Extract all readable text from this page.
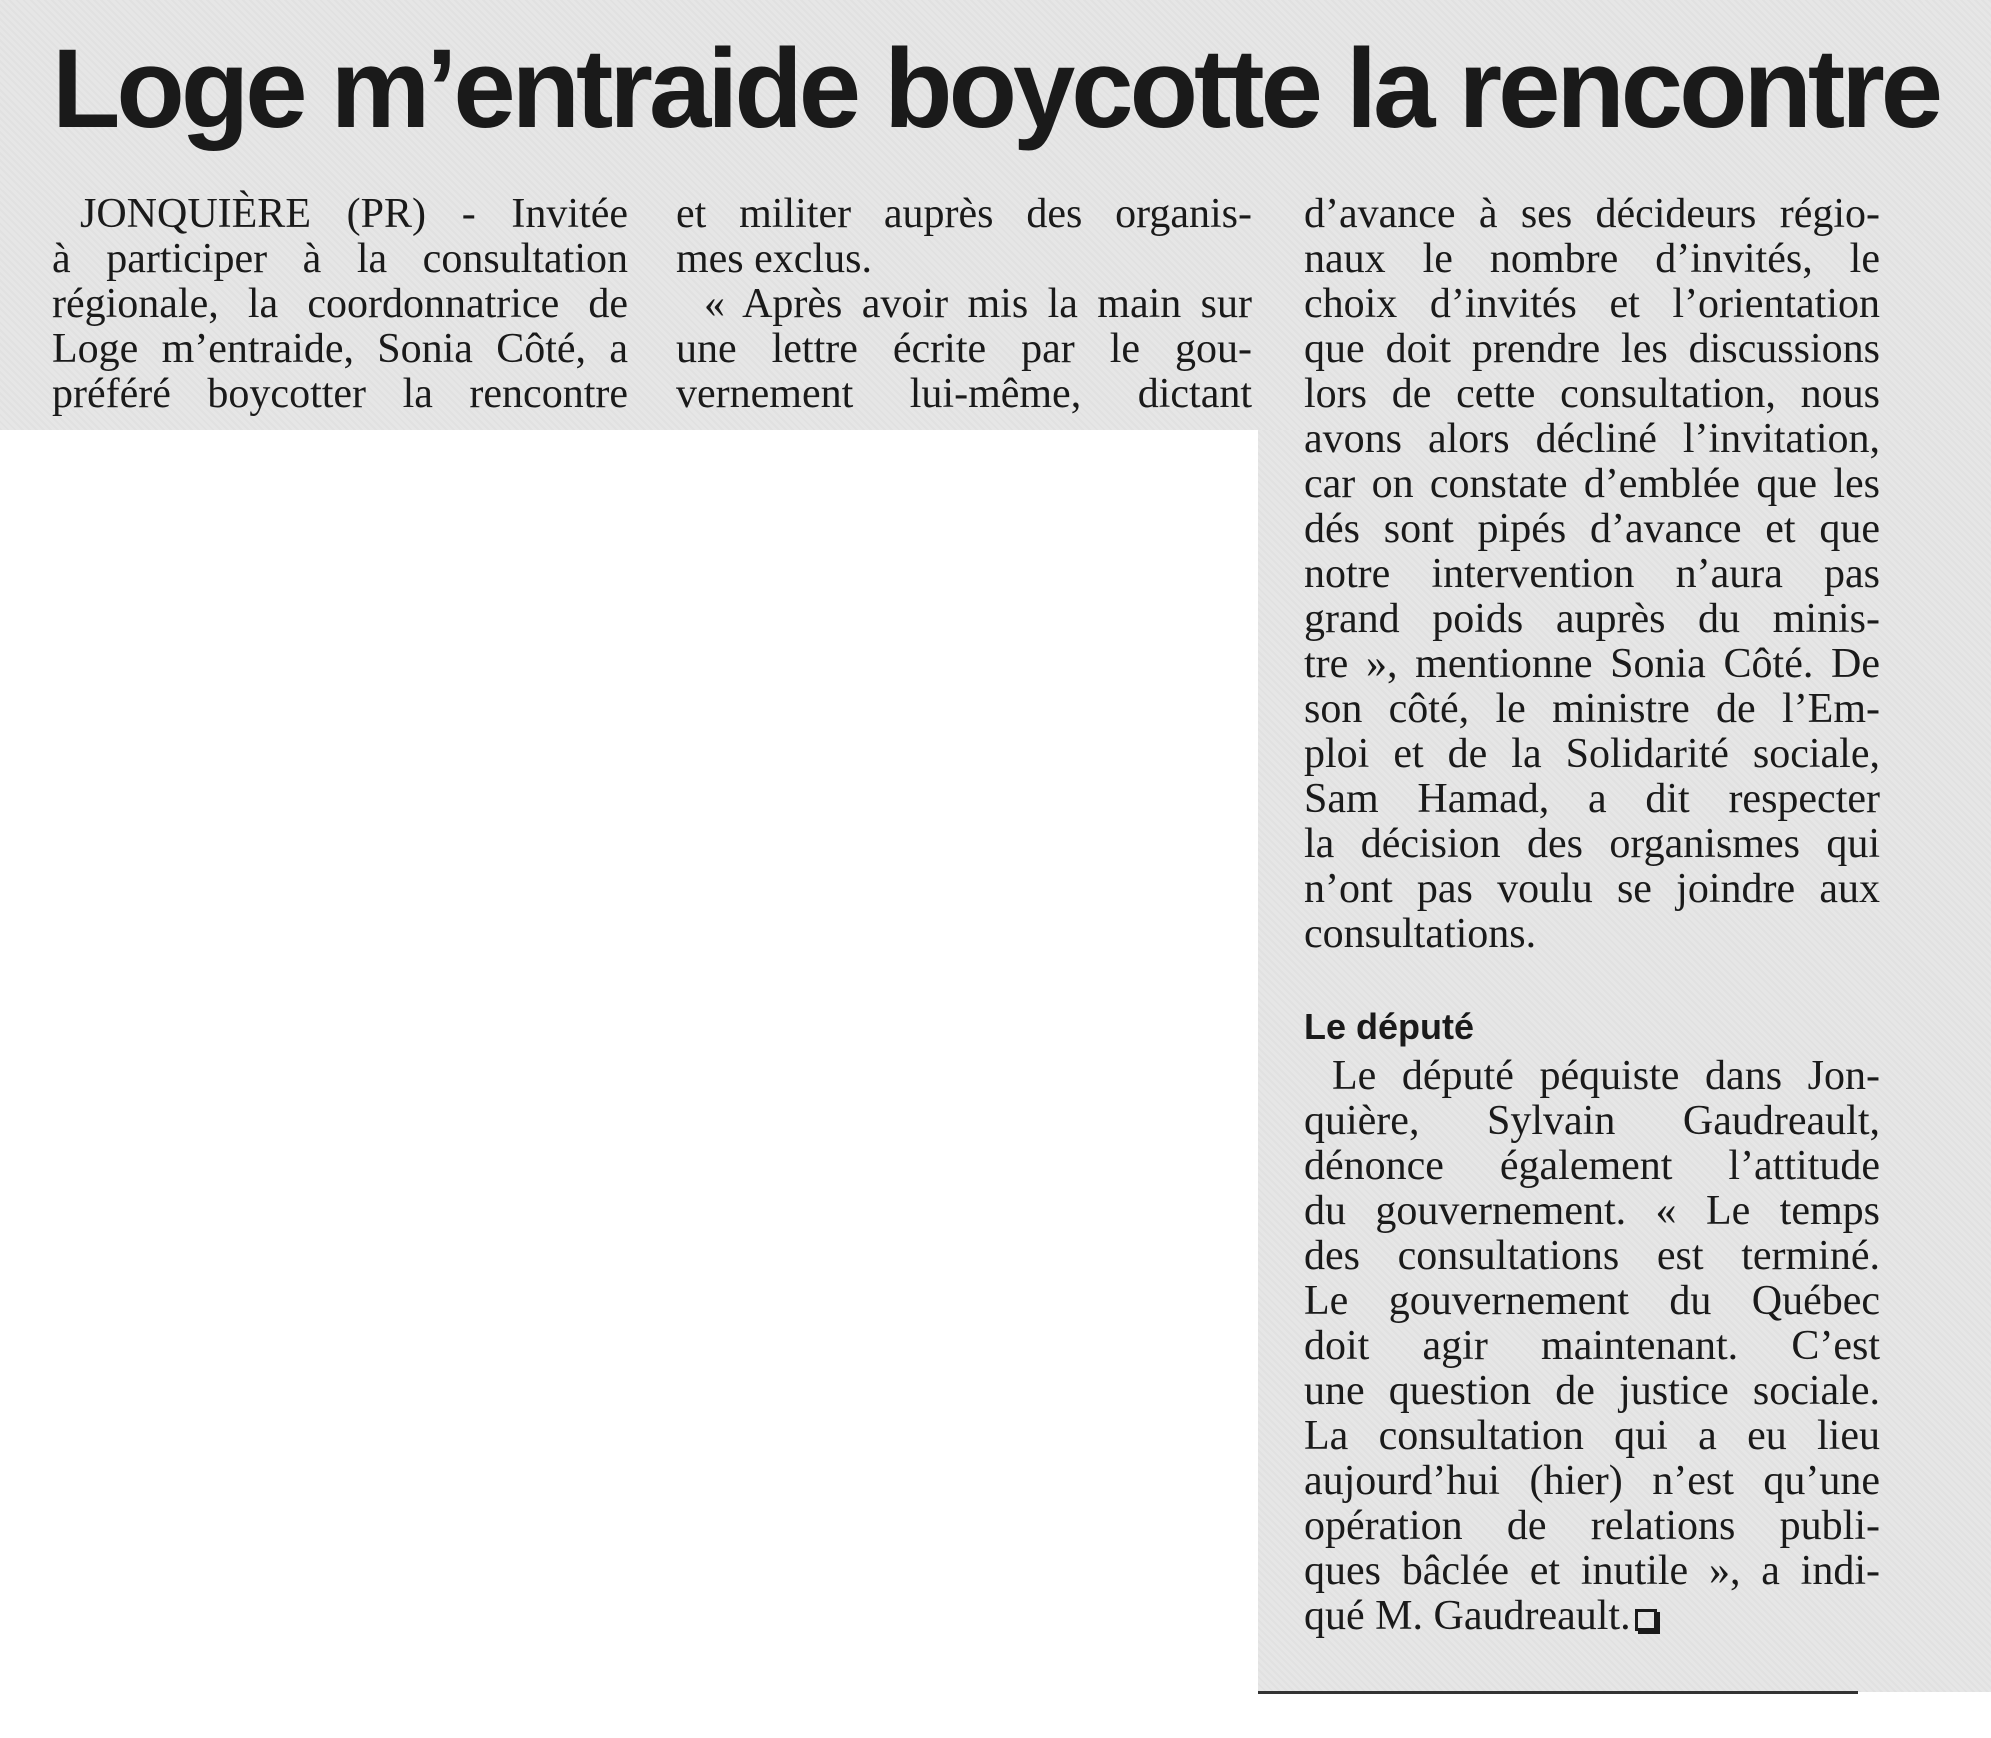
Loge m’entraide boycotte la rencontre
JONQUIÈRE (PR) - Invitée
à participer à la consultation
régionale, la coordonnatrice de
Loge m’entraide, Sonia Côté, a
préféré boycotter la rencontre
et militer auprès des organis-
mes exclus.
« Après avoir mis la main sur
une lettre écrite par le gou-
vernement lui-même, dictant
d’avance à ses décideurs régio-
naux le nombre d’invités, le
choix d’invités et l’orientation
que doit prendre les discussions
lors de cette consultation, nous
avons alors décliné l’invitation,
car on constate d’emblée que les
dés sont pipés d’avance et que
notre intervention n’aura pas
grand poids auprès du minis-
tre », mentionne Sonia Côté. De
son côté, le ministre de l’Em-
ploi et de la Solidarité sociale,
Sam Hamad, a dit respecter
la décision des organismes qui
n’ont pas voulu se joindre aux
consultations.
Le député
Le député péquiste dans Jon-
quière, Sylvain Gaudreault,
dénonce également l’attitude
du gouvernement. « Le temps
des consultations est terminé.
Le gouvernement du Québec
doit agir maintenant. C’est
une question de justice sociale.
La consultation qui a eu lieu
aujourd’hui (hier) n’est qu’une
opération de relations publi-
ques bâclée et inutile », a indi-
qué M. Gaudreault.
